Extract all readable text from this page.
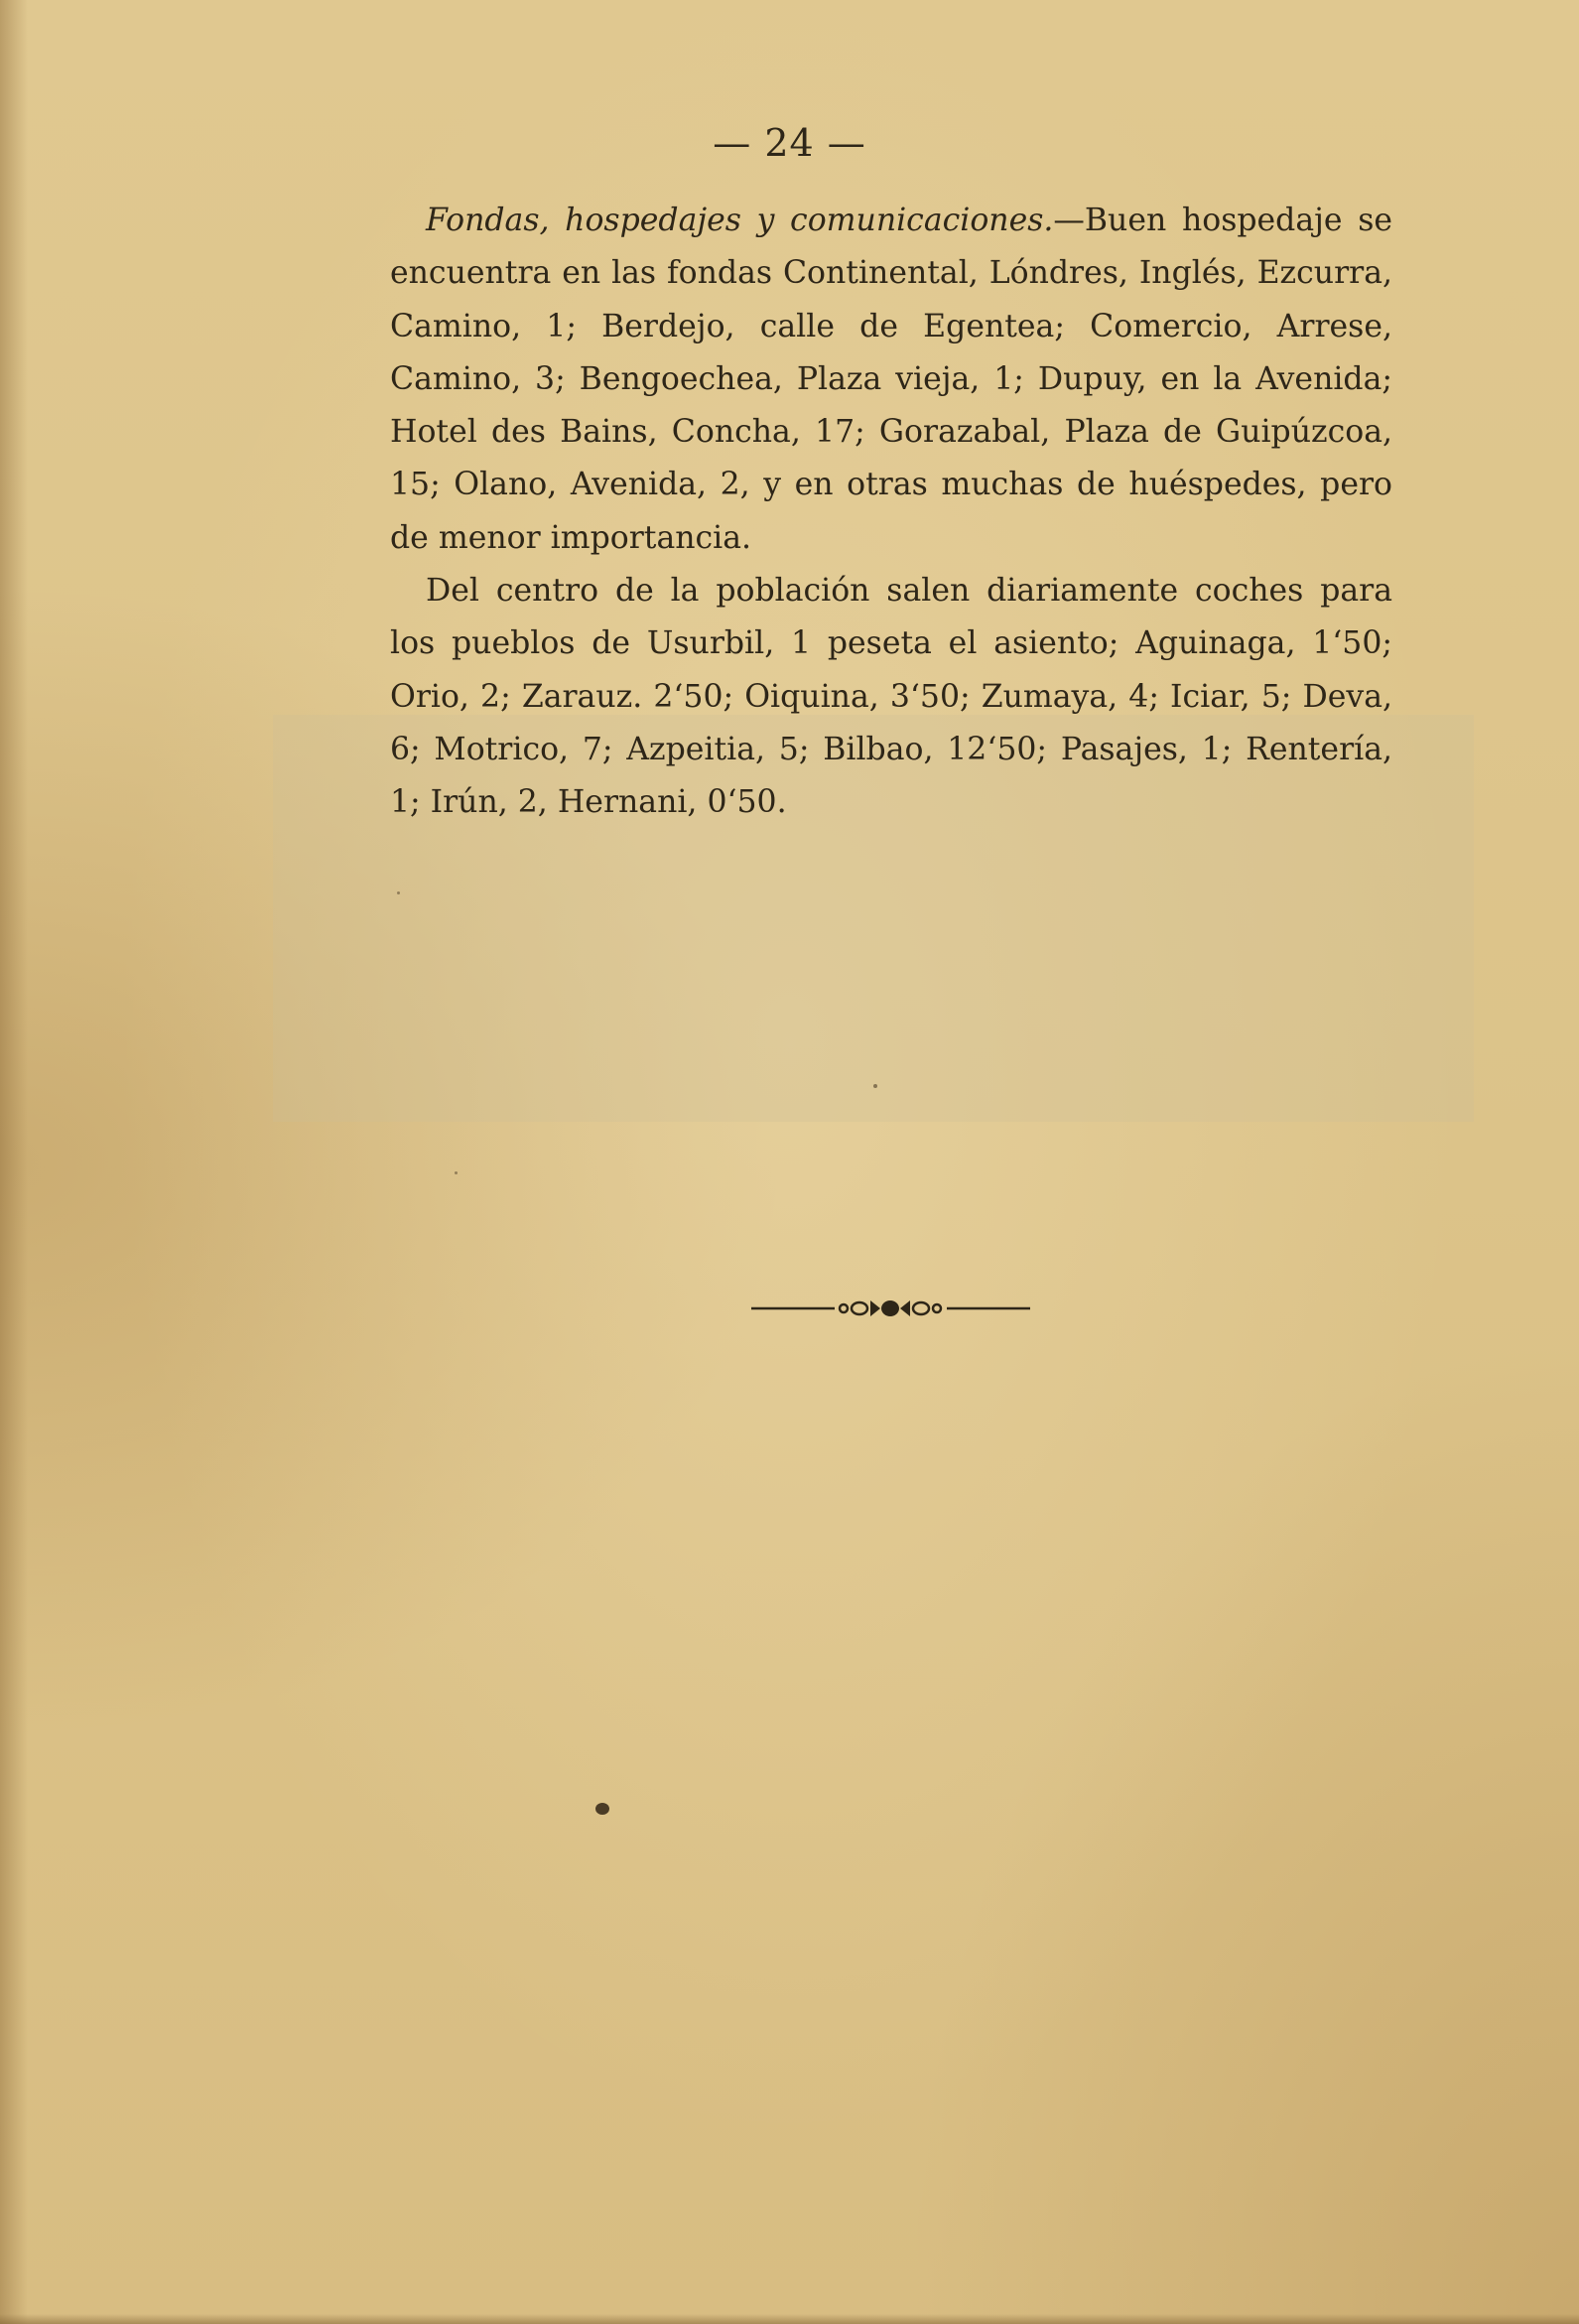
— 24 —

Fondas, hospedajes y comunicaciones.—Buen hospedaje se encuentra en las fondas Continental, Lóndres, Inglés, Ezcurra, Camino, 1; Berdejo, calle de Egentea; Comercio, Arrese, Camino, 3; Bengoechea, Plaza vieja, 1; Dupuy, en la Avenida; Hotel des Bains, Concha, 17; Gorazabal, Plaza de Guipúzcoa, 15; Olano, Avenida, 2, y en otras muchas de huéspedes, pero de menor importancia.

Del centro de la población salen diariamente coches para los pueblos de Usurbil, 1 peseta el asiento; Aguinaga, 1‘50; Orio, 2; Zarauz. 2‘50; Oiquina, 3‘50; Zumaya, 4; Iciar, 5; Deva, 6; Motrico, 7; Azpeitia, 5; Bilbao, 12‘50; Pasajes, 1; Rentería, 1; Irún, 2, Hernani, 0‘50.
